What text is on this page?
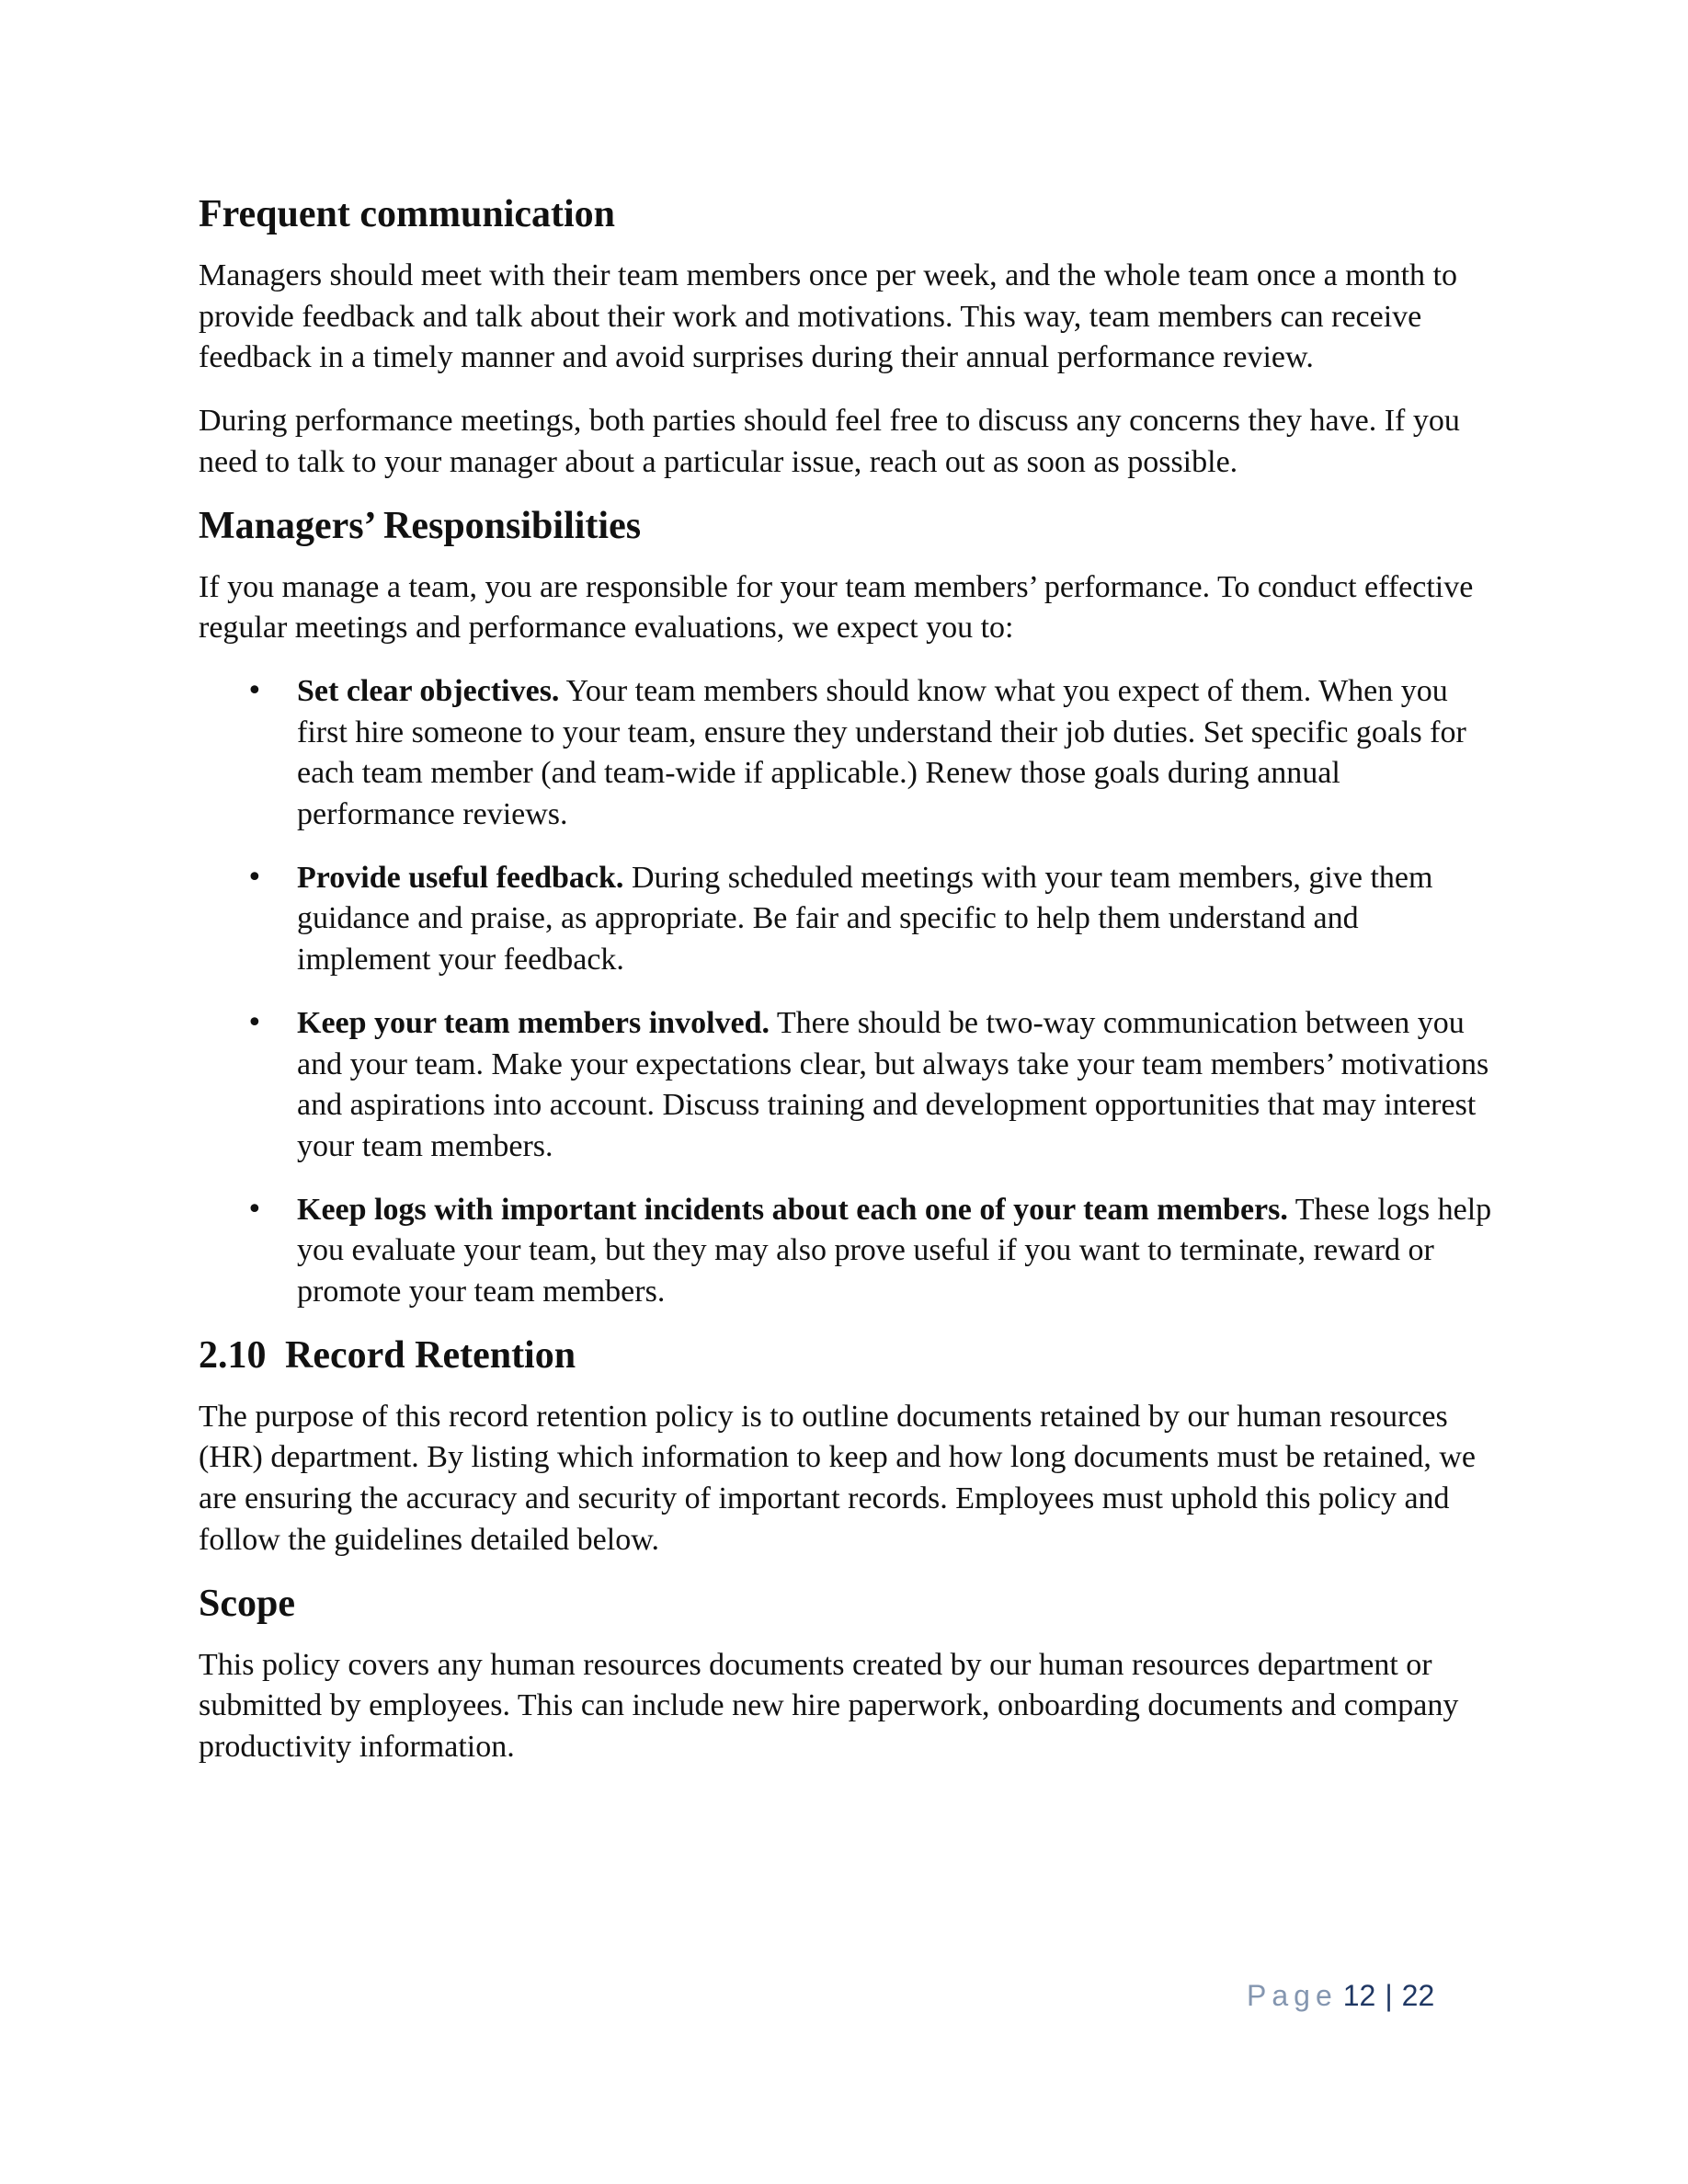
Frequent communication

Managers should meet with their team members once per week, and the whole team once a month to provide feedback and talk about their work and motivations. This way, team members can receive feedback in a timely manner and avoid surprises during their annual performance review.

During performance meetings, both parties should feel free to discuss any concerns they have. If you need to talk to your manager about a particular issue, reach out as soon as possible.

Managers’ Responsibilities

If you manage a team, you are responsible for your team members’ performance. To conduct effective regular meetings and performance evaluations, we expect you to:

• Set clear objectives. Your team members should know what you expect of them. When you first hire someone to your team, ensure they understand their job duties. Set specific goals for each team member (and team-wide if applicable.) Renew those goals during annual performance reviews.
• Provide useful feedback. During scheduled meetings with your team members, give them guidance and praise, as appropriate. Be fair and specific to help them understand and implement your feedback.
• Keep your team members involved. There should be two-way communication between you and your team. Make your expectations clear, but always take your team members’ motivations and aspirations into account. Discuss training and development opportunities that may interest your team members.
• Keep logs with important incidents about each one of your team members. These logs help you evaluate your team, but they may also prove useful if you want to terminate, reward or promote your team members.
2.10 Record Retention

The purpose of this record retention policy is to outline documents retained by our human resources (HR) department. By listing which information to keep and how long documents must be retained, we are ensuring the accuracy and security of important records. Employees must uphold this policy and follow the guidelines detailed below.

Scope

This policy covers any human resources documents created by our human resources department or submitted by employees. This can include new hire paperwork, onboarding documents and company productivity information.

Page 12 | 22
